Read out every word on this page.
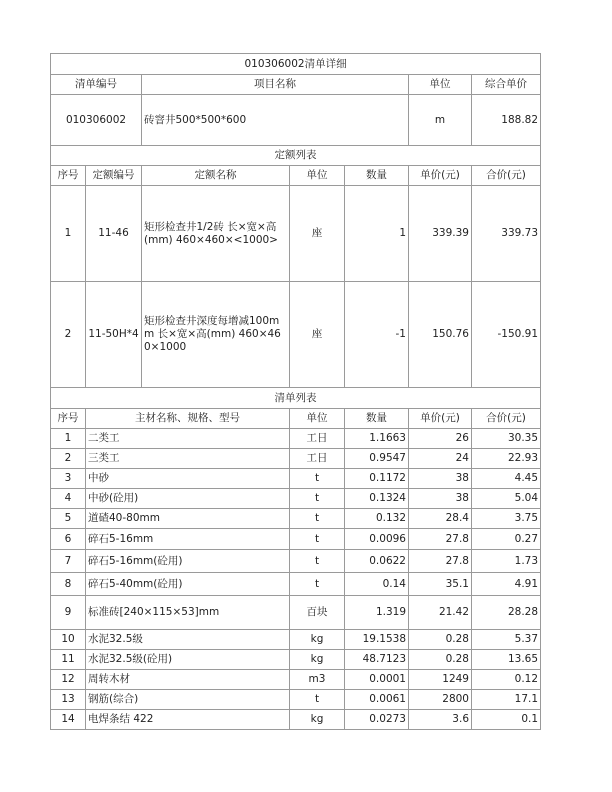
010306002清单详细						
清单编号		项目名称			单位	综合单价
010306002		砖窨井500*500*600			m	188.82
定额列表						
序号	定额编号	定额名称	单位	数量	单价(元)	合价(元)
1	11-46	矩形检查井1/2砖 长×宽×高(mm) 460×460×<1000>	座	1	339.39	339.73
2	11-50H*4	矩形检查井深度每增减100mm 长×宽×高(mm) 460×460×1000	座	-1	150.76	-150.91
清单列表						
序号	主材名称、规格、型号		单位	数量	单价(元)	合价(元)
1	二类工		工日	1.1663	26	30.35
2	三类工		工日	0.9547	24	22.93
3	中砂		t	0.1172	38	4.45
4	中砂(砼用)		t	0.1324	38	5.04
5	道碴40-80mm		t	0.132	28.4	3.75
6	碎石5-16mm		t	0.0096	27.8	0.27
7	碎石5-16mm(砼用)		t	0.0622	27.8	1.73
8	碎石5-40mm(砼用)		t	0.14	35.1	4.91
9	标准砖[240×115×53]mm		百块	1.319	21.42	28.28
10	水泥32.5级		kg	19.1538	0.28	5.37
11	水泥32.5级(砼用)		kg	48.7123	0.28	13.65
12	周转木材		m3	0.0001	1249	0.12
13	钢筋(综合)		t	0.0061	2800	17.1
14	电焊条结 422		kg	0.0273	3.6	0.1
